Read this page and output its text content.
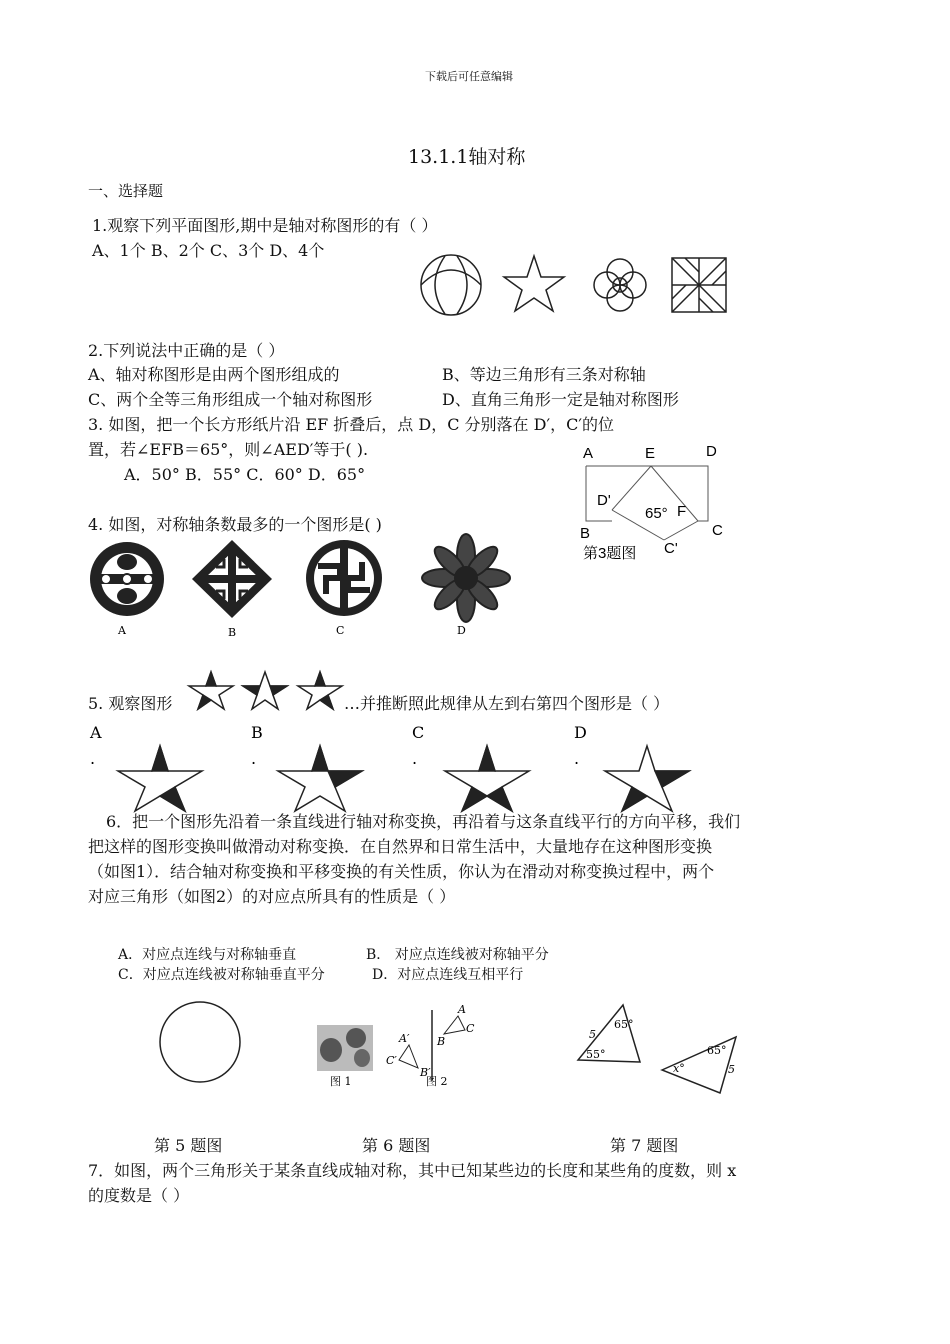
下载后可任意编辑
13.1.1轴对称
一、选择题
1.观察下列平面图形,期中是轴对称图形的有（ ）
A、1个 B、2个 C、3个 D、4个
2.下列说法中正确的是（ ）
A、轴对称图形是由两个图形组成的	B、等边三角形有三条对称轴
C、两个全等三角形组成一个轴对称图形	D、直角三角形一定是轴对称图形
3. 如图，把一个长方形纸片沿 EF 折叠后，点 D，C 分别落在 D′，C′的位
置，若∠EFB＝65°，则∠AED′等于( ).
A．50° B．55° C．60° D．65°
A	E	D
D'
65° F
B	C
C'
第3题图
4. 如图，对称轴条数最多的一个图形是( )
A	B	C	D
5. 观察图形	…并推断照此规律从左到右第四个图形是（ ）
A
.
B
.
C
.
D
.
6．把一个图形先沿着一条直线进行轴对称变换，再沿着与这条直线平行的方向平移，我们
把这样的图形变换叫做滑动对称变换．在自然界和日常生活中，大量地存在这种图形变换
（如图1）．结合轴对称变换和平移变换的有关性质，你认为在滑动对称变换过程中，两个
对应三角形（如图2）的对应点所具有的性质是（ ）
A．对应点连线与对称轴垂直	B． 对应点连线被对称轴平分
C．对应点连线被对称轴垂直平分	D．对应点连线互相平行
图 1
A
C
B
A′
C′
B′
图 2
5
65°
55°
x°
65°
5
第 5 题图	第 6 题图	第 7 题图
7．如图，两个三角形关于某条直线成轴对称，其中已知某些边的长度和某些角的度数，则 x
的度数是（ ）
